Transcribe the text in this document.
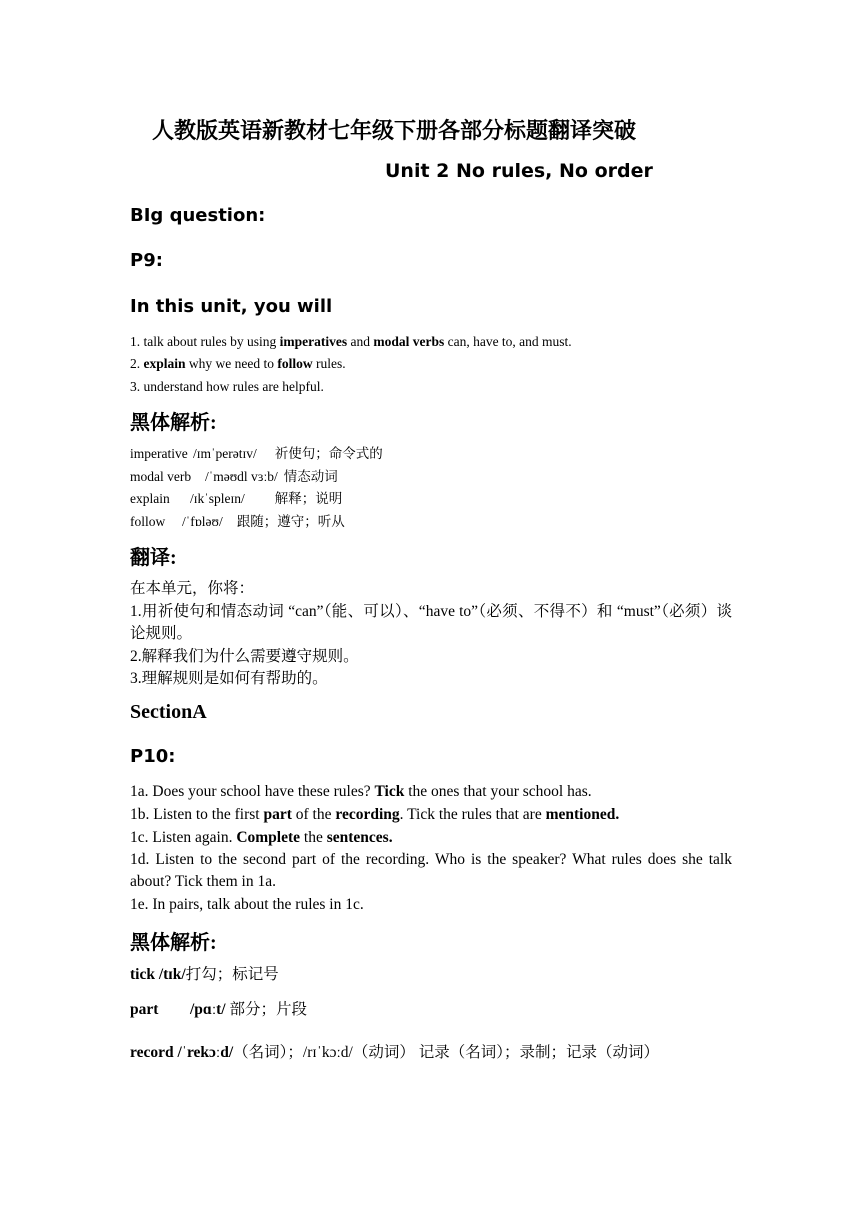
人教版英语新教材七年级下册各部分标题翻译突破
Unit 2 No rules, No order
BIg question:
P9:
In this unit, you will
1. talk about rules by using imperatives and modal verbs can, have to, and must.
2. explain why we need to follow rules.
3. understand how rules are helpful.
黑体解析:
imperative /ɪmˈperətɪv/ 祈使句；命令式的
modal verb /ˈməʊdl vɜːb/ 情态动词
explain /ɪkˈspleɪn/ 解释；说明
follow /ˈfɒləʊ/ 跟随；遵守；听从
翻译:
在本单元，你将：
1.用祈使句和情态动词 “can”（能、可以）、“have to”（必须、不得不）和 “must”（必须）谈论规则。
2.解释我们为什么需要遵守规则。
3.理解规则是如何有帮助的。
SectionA
P10:
1a. Does your school have these rules? Tick the ones that your school has.
1b. Listen to the first part of the recording. Tick the rules that are mentioned.
1c. Listen again. Complete the sentences.
1d. Listen to the second part of the recording. Who is the speaker? What rules does she talk about? Tick them in 1a.
1e. In pairs, talk about the rules in 1c.
黑体解析:
tick /tɪk/打勾；标记号
part /pɑːt/ 部分；片段
record /ˈrekɔːd/（名词）；/rɪˈkɔːd/（动词） 记录（名词）；录制；记录（动词）
